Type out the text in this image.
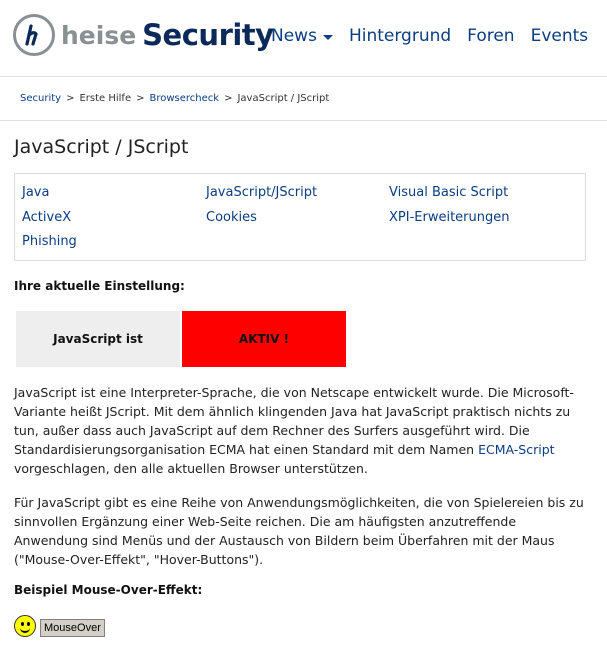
heise Security
News Hintergrund Foren Events
Security > Erste Hilfe > Browsercheck > JavaScript / JScript
JavaScript / JScript
Java	JavaScript/JScript	Visual Basic Script
ActiveX	Cookies	XPI-Erweiterungen
Phishing
Ihre aktuelle Einstellung:
JavaScript ist	AKTIV !

JavaScript ist eine Interpreter-Sprache, die von Netscape entwickelt wurde. Die Microsoft-Variante heißt JScript. Mit dem ähnlich klingenden Java hat JavaScript praktisch nichts zu tun, außer dass auch JavaScript auf dem Rechner des Surfers ausgeführt wird. Die Standardisierungsorganisation ECMA hat einen Standard mit dem Namen ECMA-Script vorgeschlagen, den alle aktuellen Browser unterstützen.

Für JavaScript gibt es eine Reihe von Anwendungsmöglichkeiten, die von Spielereien bis zu sinnvollen Ergänzung einer Web-Seite reichen. Die am häufigsten anzutreffende Anwendung sind Menüs und der Austausch von Bildern beim Überfahren mit der Maus ("Mouse-Over-Effekt", "Hover-Buttons").

Beispiel Mouse-Over-Effekt:
MouseOver
